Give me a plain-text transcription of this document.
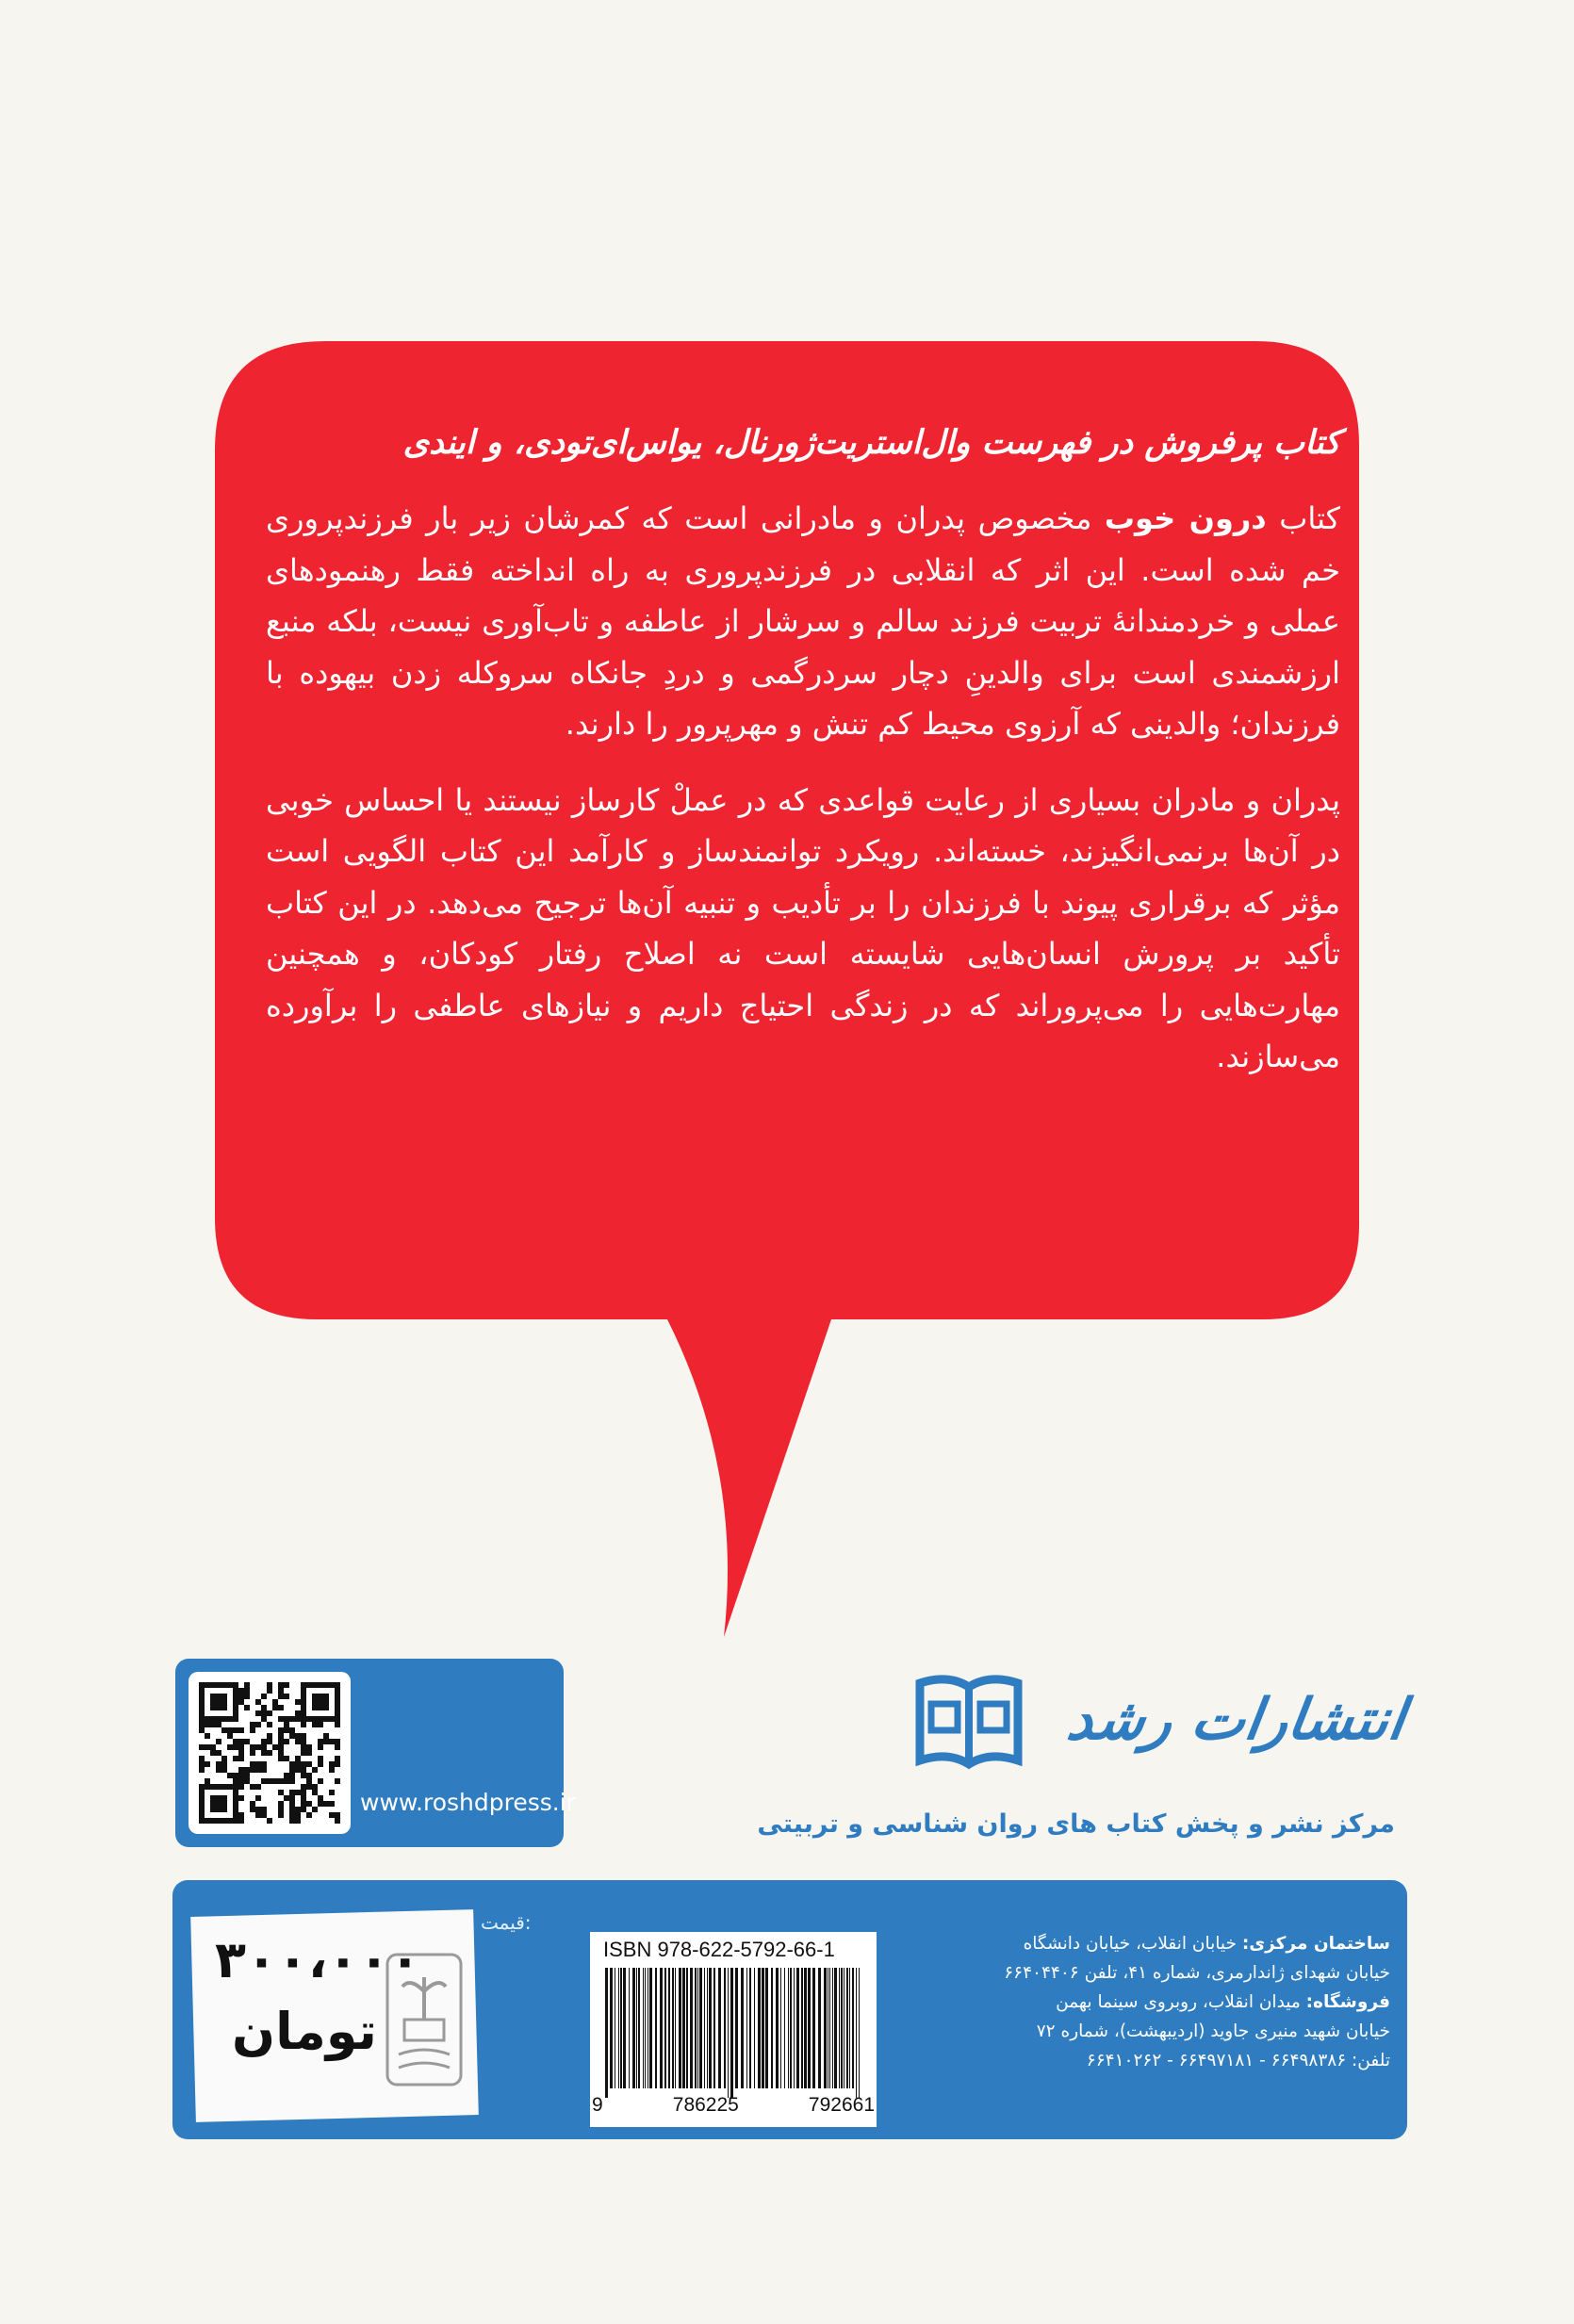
کتاب پرفروش در فهرست وال‌استریت‌ژورنال، یواس‌ای‌تودی، و ایندی

کتاب درون خوب مخصوص پدران و مادرانی است که کمرشان زیر بار فرزندپروری خم شده است. این اثر که انقلابی در فرزندپروری به راه انداخته فقط رهنمودهای عملی و خردمندانهٔ تربیت فرزند سالم و سرشار از عاطفه و تاب‌آوری نیست، بلکه منبع ارزشمندی است برای والدینِ دچار سردرگمی و دردِ جانکاه سروکله زدن بیهوده با فرزندان؛ والدینی که آرزوی محیط کم تنش و مهرپرور را دارند.

پدران و مادران بسیاری از رعایت قواعدی که در عملْ کارساز نیستند یا احساس خوبی در آن‌ها برنمی‌انگیزند، خسته‌اند. رویکرد توانمندساز و کارآمد این کتاب الگویی است مؤثر که برقراری پیوند با فرزندان را بر تأدیب و تنبیه آن‌ها ترجیح می‌دهد. در این کتاب تأکید بر پرورش انسان‌هایی شایسته است نه اصلاح رفتار کودکان، و همچنین مهارت‌هایی را می‌پروراند که در زندگی احتیاج داریم و نیازهای عاطفی را برآورده می‌سازند.

www.roshdpress.ir
انتشارات رشد
مرکز نشر و پخش کتاب های روان شناسی و تربیتی
قیمت:
۳۰۰،۰۰۰
تومان
ISBN 978-622-5792-66-1
9	786225	792661

ساختمان مرکزی: خیابان انقلاب، خیابان دانشگاه

خیابان شهدای ژاندارمری، شماره ۴۱، تلفن ۶۶۴۰۴۴۰۶

فروشگاه: میدان انقلاب، روبروی سینما بهمن

خیابان شهید منیری جاوید (اردیبهشت)، شماره ۷۲

تلفن: ۶۶۴۹۸۳۸۶ - ۶۶۴۹۷۱۸۱ - ۶۶۴۱۰۲۶۲
